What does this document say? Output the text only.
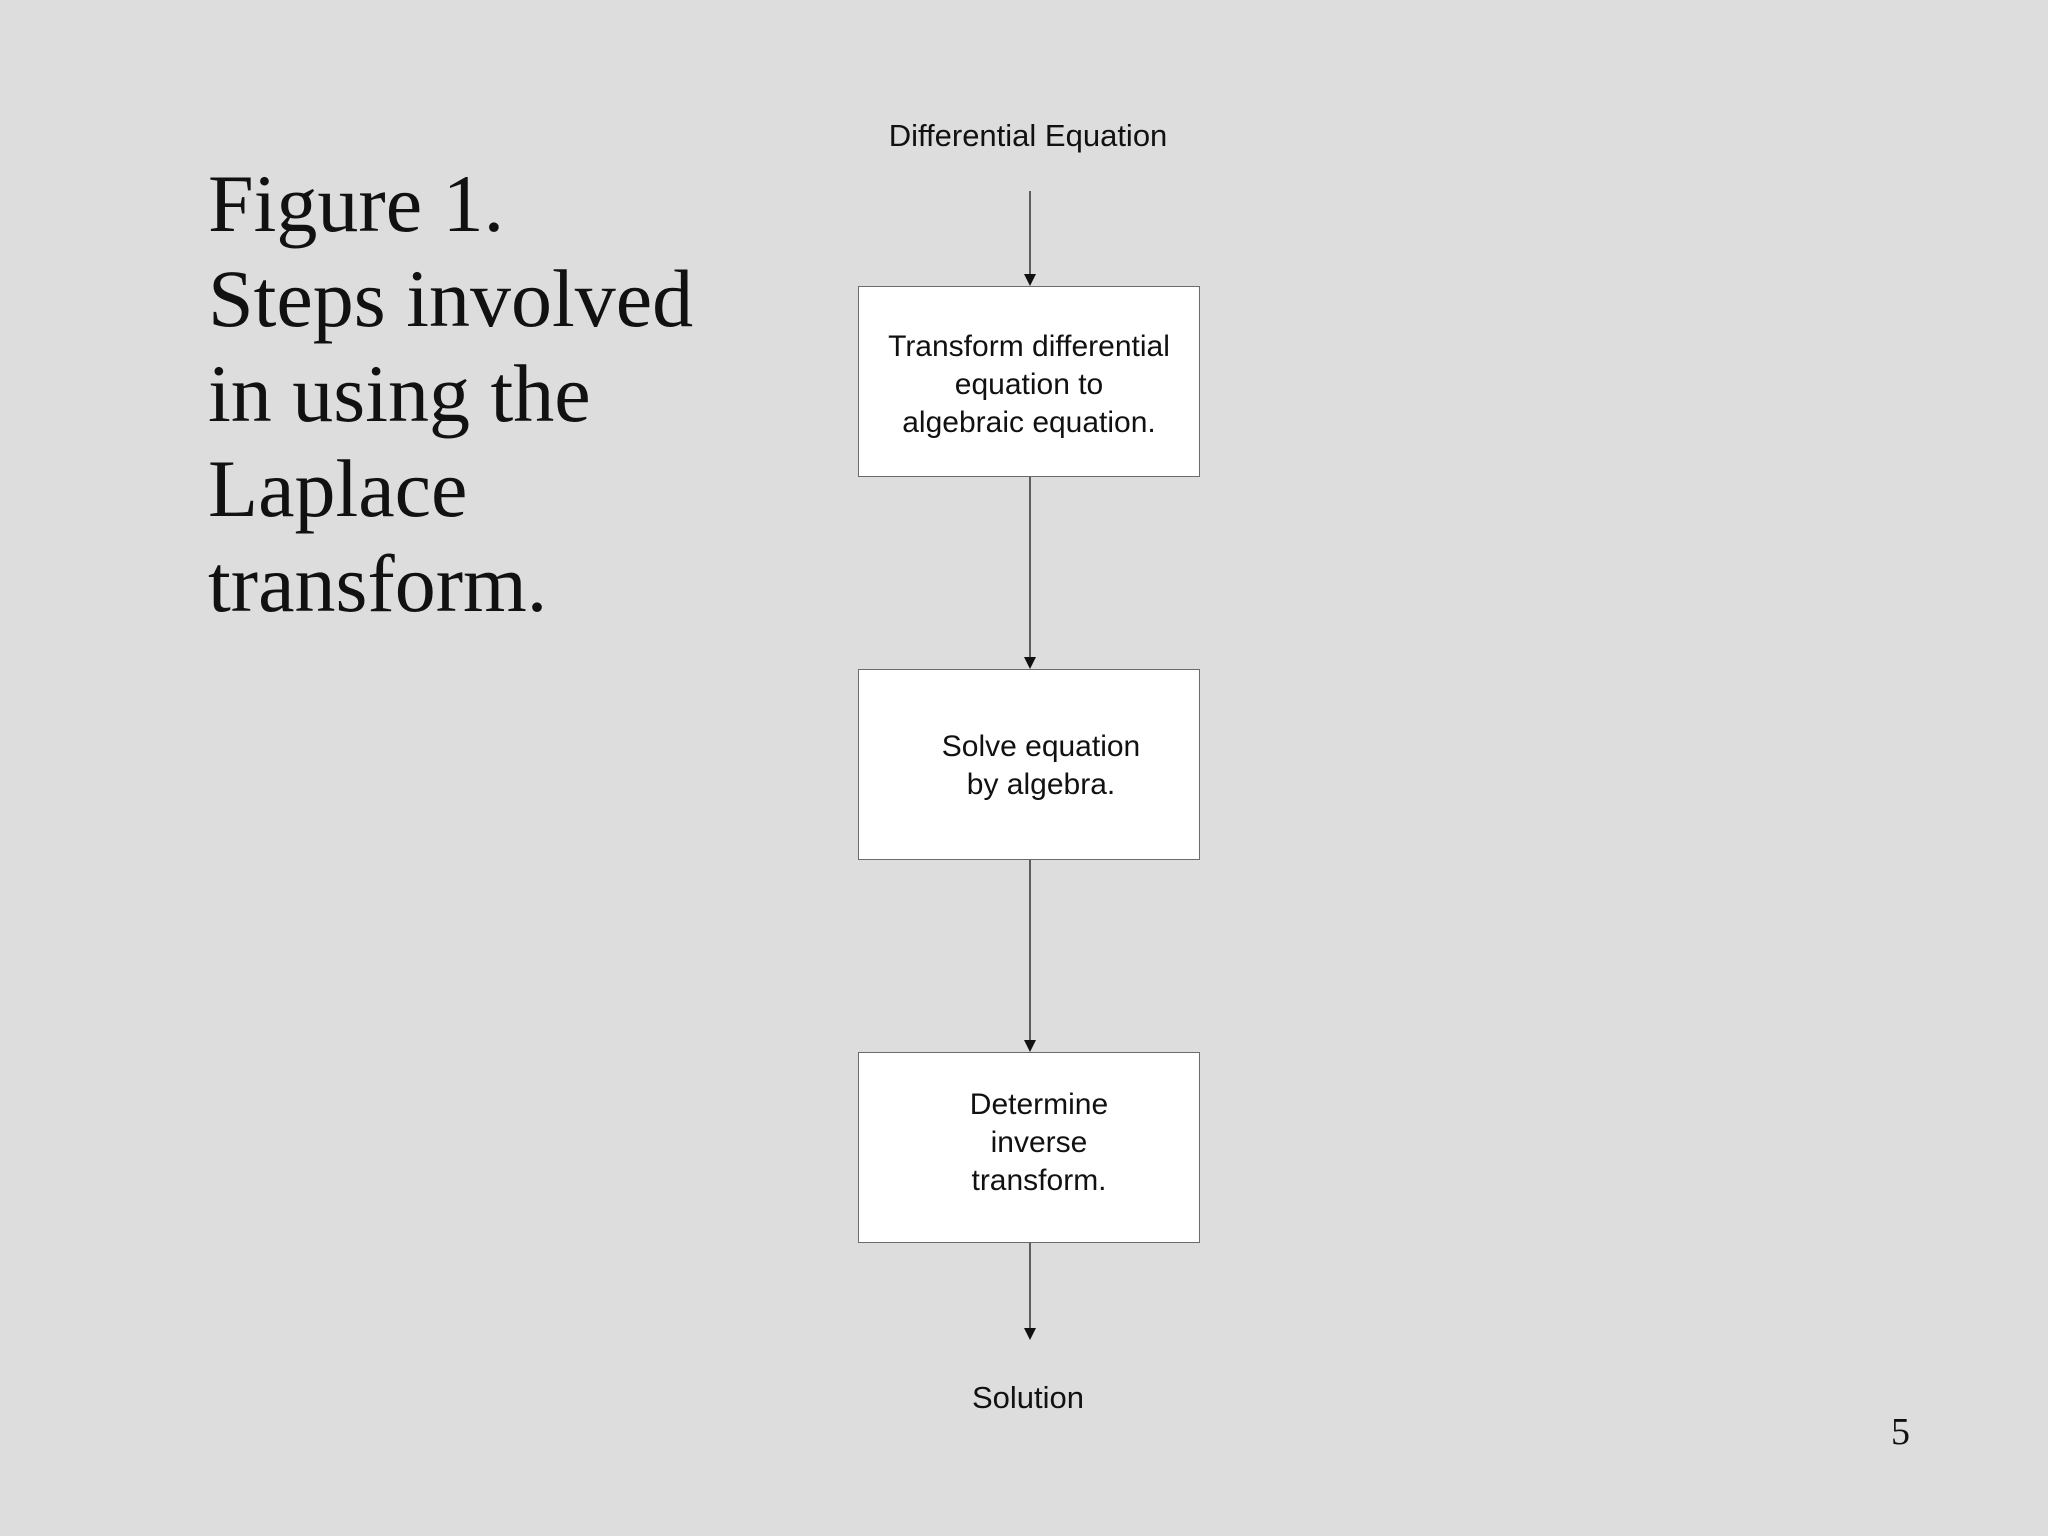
Figure 1.
Steps involved
in using the
Laplace
transform.
Differential Equation
Transform differential
equation to
algebraic equation.
Solve equation
by algebra.
Determine
inverse
transform.
Solution
5
